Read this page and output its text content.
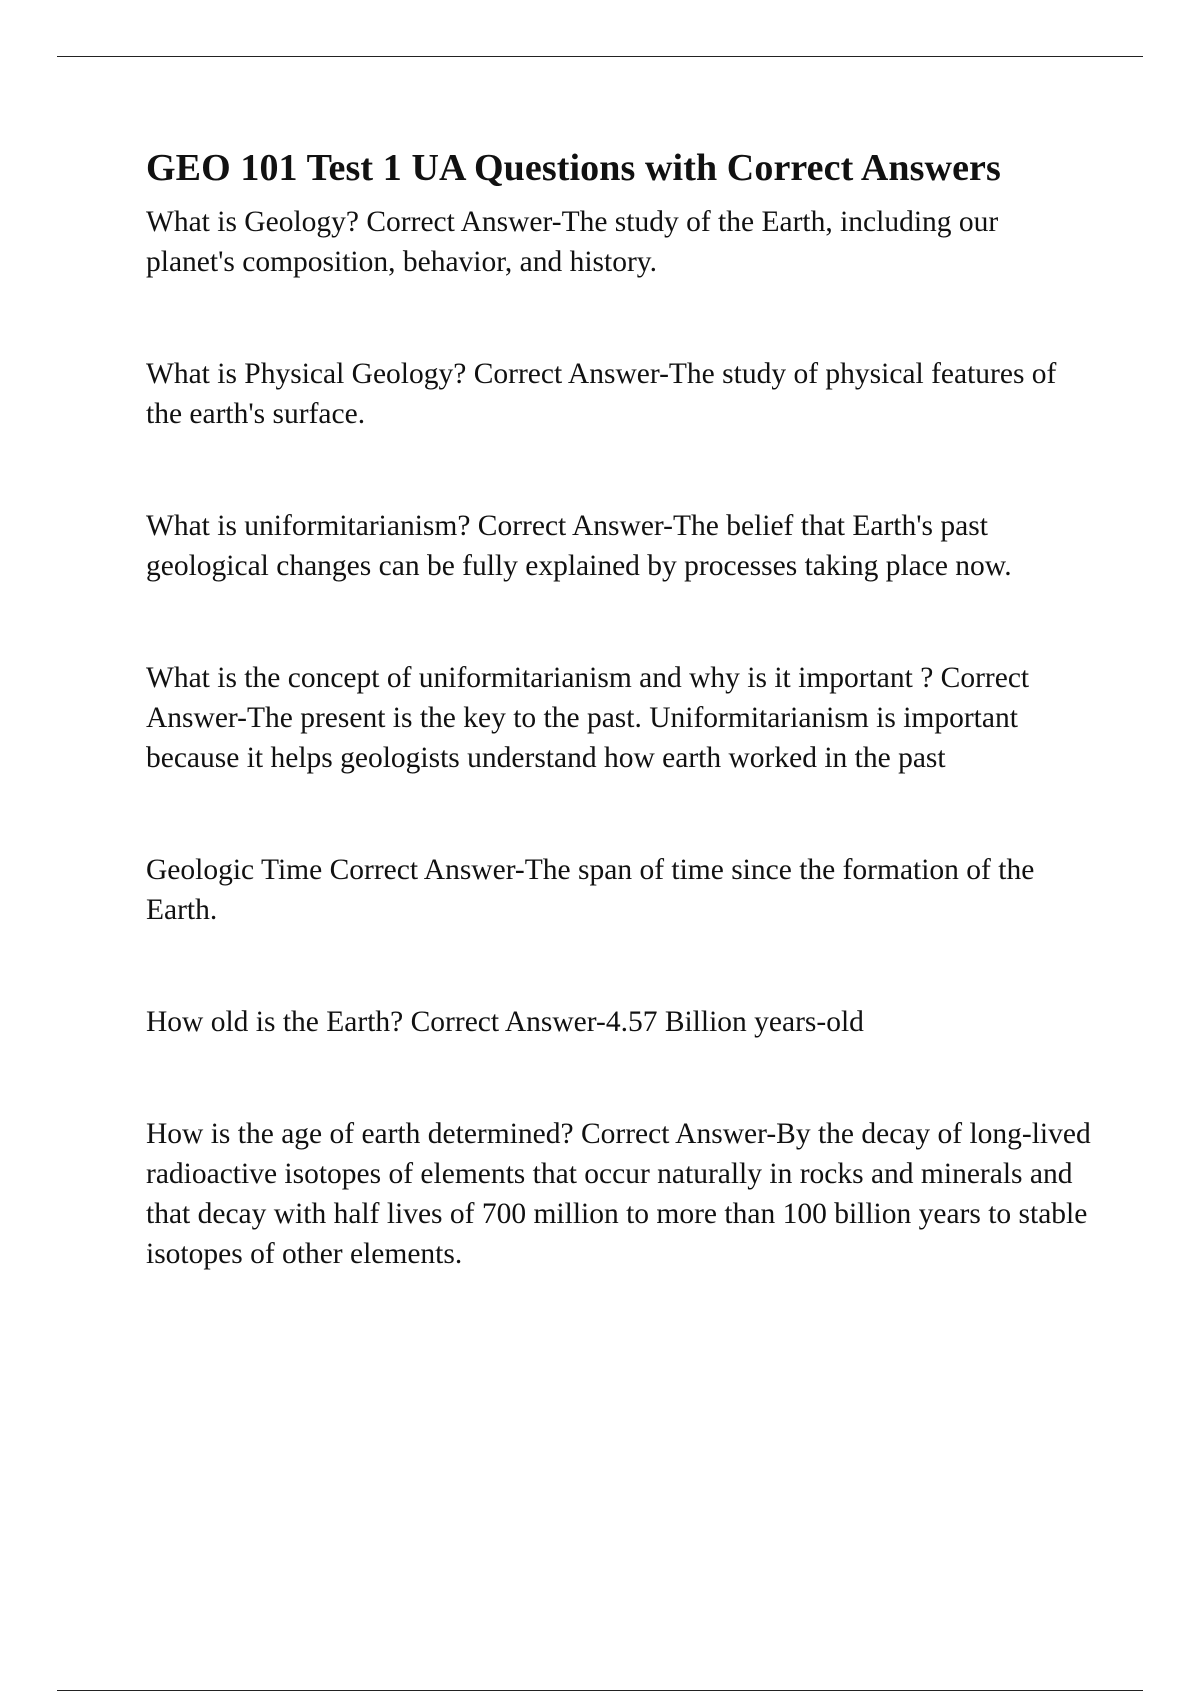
GEO 101 Test 1 UA Questions with Correct Answers

What is Geology? Correct Answer-The study of the Earth, including our planet's composition, behavior, and history.

What is Physical Geology? Correct Answer-The study of physical features of the earth's surface.

What is uniformitarianism? Correct Answer-The belief that Earth's past geological changes can be fully explained by processes taking place now.

What is the concept of uniformitarianism and why is it important ? Correct Answer-The present is the key to the past. Uniformitarianism is important because it helps geologists understand how earth worked in the past

Geologic Time Correct Answer-The span of time since the formation of the Earth.

How old is the Earth? Correct Answer-4.57 Billion years-old

How is the age of earth determined? Correct Answer-By the decay of long-lived radioactive isotopes of elements that occur naturally in rocks and minerals and that decay with half lives of 700 million to more than 100 billion years to stable isotopes of other elements.
